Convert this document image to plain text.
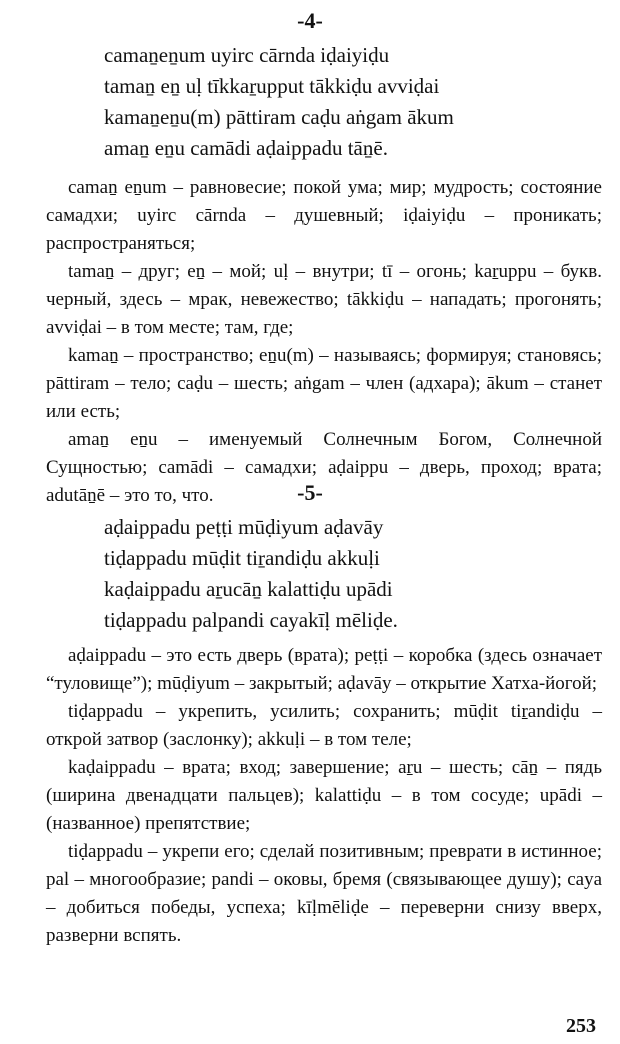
-4-
camaṉeṉum uyirc cārnda iḍaiyiḍu
tamaṉ eṉ uḷ tīkkaṟupput tākkiḍu avviḍai
kamaṉeṉu(m) pāttiram caḍu aṅgam ākum
amaṉ eṉu camādi aḍaippadu tāṉē.

camaṉ eṉum – равновесие; покой ума; мир; мудрость; состояние самадхи; uyirc cārnda – душевный; iḍaiyiḍu – проникать; распространяться;

tamaṉ – друг; eṉ – мой; uḷ – внутри; tī – огонь; kaṟuppu – букв. черный, здесь – мрак, невежество; tākkiḍu – нападать; прогонять; avviḍai – в том месте; там, где;

kamaṉ – пространство; eṉu(m) – называясь; формируя; становясь; pāttiram – тело; caḍu – шесть; aṅgam – член (адхара); ākum – станет или есть;

amaṉ eṉu – именуемый Солнечным Богом, Солнечной Сущностью; camādi – самадхи; aḍaippu – дверь, проход; врата; adutāṉē – это то, что.	-5-
aḍaippadu peṭṭi mūḍiyum aḍavāy
tiḍappadu mūḍit tiṟandiḍu akkuḷi
kaḍaippadu aṟucāṉ kalattiḍu upādi
tiḍappadu palpandi cayakīḷ mēliḍe.

aḍaippadu – это есть дверь (врата); peṭṭi – коробка (здесь означает “туловище”); mūḍiyum – закрытый; aḍavāy – открытие Хатха-йогой;

tiḍappadu – укрепить, усилить; сохранить; mūḍit tiṟandiḍu – открой затвор (заслонку); akkuḷi – в том теле;

kaḍaippadu – врата; вход; завершение; aṟu – шесть; cāṉ – пядь (ширина двенадцати пальцев); kalattiḍu – в том сосуде; upādi – (названное) препятствие;

tiḍappadu – укрепи его; сделай позитивным; преврати в истинное; pal – многообразие; pandi – оковы, бремя (связывающее душу); caya – добиться победы, успеха; kīḷmēliḍe – переверни снизу вверх, разверни вспять.

253
